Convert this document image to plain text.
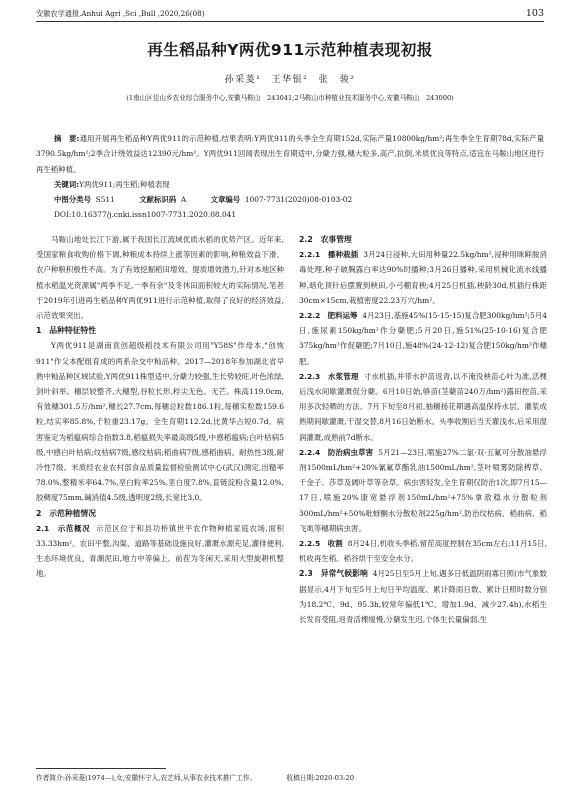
安徽农学通报,Anhui Agri ,Sci ,Bull ,2020,26(08)	103
再生稻品种Y两优911示范种植表现初报
孙采菱¹　王华银²　张　骏²
(1南山区佳山乡农业综合服务中心,安徽马鞍山　243041;2马鞍山市种植业技术服务中心,安徽马鞍山　243000)

摘　要:通用开展再生稻品种Y两优911的示范种植,结果表明:Y两优911的头季全生育期152d,实际产量10800kg/hm²;再生季全生育期78d,实际产量3790.5kg/hm²;2季合计绕效益达12390元/hm²。Y两优911回闻表现出生育期适中,分蘖力强,穗大粒多,高产,抗倒,米质优良等特点,适宜在马鞍山地区进行再生稻种植。

关键词:Y两优911;再生稻;种植表现

中图分类号 S511	文献标识码 A	文章编号 1007-7731(2020)08-0103-02

DOI:10.16377/j.cnki.issn1007-7731.2020.08.041

马鞍山地处长江下游,属于我国长江流域优质水稻的优势产区。近年来,受国家粮食收购价格下调,种粮成本持续上涨等因素的影响,种粮效益下滑、农户种粮积极性不高。为了有效挖掘稻田增效、提质增效潜力,针对本地区种植水稻温光资源属"两季不足,一季有余"及冬休田面积较大的实际情况,笔者于2019年引进再生稻品种Y两优911进行示范种植,取得了良好的经济效益,示范效果突出。

1　品种特征特性

Y两优911是湖南袁创超级稻技术有限公司用"Y58S"作母本,"创恢911"作父本配组育成的两系杂交中籼品种。2017—2018年参加湖北省早熟中籼品种区域试验,Y两优911株型适中,分蘖力较强,生长势较旺,叶色浓绿,剑叶斜举。穗层较整齐,大穗型,谷粒长形,稃尖无色、无芒。株高119.0cm,有效穗301.5万/hm²,穗长27.7cm,每穗总粒数186.1粒,每穗实粒数159.6粒,结实率85.8%,千粒重23.17g。全生育期112.2d,比黄华占短0.7d。病害鉴定为稻瘟病综合指数3.8,稻瘟损失率最高级5级,中感稻瘟病;白叶枯病5级,中感白叶枯病;纹枯病7级,感纹枯病;稻曲病7级,感稻曲病。耐热性3级,耐冷性7级。米质经农业农村部食品质量监督检验测试中心(武汉)测定,出糙率78.0%,整精米率64.7%,垩白粒率25%,垩白度7.8%,直链淀粉含量12.0%,胶稠度75mm,碱消值4.5级,透明度2级,长宽比3.0。

2　示范种植情况

2.1　示范概况 示范区位于和县功桥镇世平农作物种植家庭农场,面积33.33hm²。农田平整,沟渠、道路等基础设施良好,灌溉水源充足,灌排便利,生态环境优良。青潮泥田,地力中等偏上。前茬为冬闲天,采用大型旋耕机整地。

2.2　农事管理

2.2.1　播种栽插 3月24日浸种,大田用种量22.5kg/hm²,浸种用咪鲜胺消毒处理,种子破胸露白率达90%时播种;3月26日播种,采用机械化流水线播种,暗化顶针后摆置到秧田,小弓棚育秧;4月25日机插,秧龄30d,机插行株距30cm×15cm,栽植密度22.23万穴/hm²。

2.2.2　肥料运筹 4月23日,基施45%(15-15-15)复合肥300kg/hm²;5月4日,施尿素150kg/hm²作分蘖肥;5月20日,施51%(25-10-16)复合肥375kg/hm²作促蘖肥;7月10日,施48%(24-12-12)复合肥150kg/hm²作穗肥。

2.2.3　水浆管理 寸水机插,并带水护苗返青,以不淹没秧苗心叶为准,活棵后浅水间歇灌溉促分蘖。6月10日始,够苗(茎蘖苗240万/hm²)露田控苗,采用多次轻晒的方法。7月下旬至8月初,抽穗扬花期遇高温保持水层。灌浆成熟期间歇灌溉,干湿交替,8月16日始断水。头季收割后当天灌浅水,后采用湿润灌溉,成熟前7d断水。

2.2.4　防治病虫草害 5月21—23日,喷施27%二氯·双·五氟可分散油悬浮剂1500mL/hm²+20%氰氟草酯乳油1500mL/hm²,茎叶喷雾防除稗草、千金子、莎草及阔叶草等杂草。病虫害轻发,全生育期仅防治1次,即7月15—17日,喷施20%康宽悬浮剂150mL/hm²+75%拿敌稳水分散粒剂300mL/hm²+50%吡蚜酮水分散粒剂225g/hm²,防治纹枯病、稻曲病、稻飞虱等穗期病虫害。

2.2.5　收割 8月24日,机收头季稻,留茬高度控制在35cm左右;11月15日,机收再生稻。稻谷烘干至安全水分。

2.3　异常气候影响 4月25日至5月上旬,遇多日低温阴雨寡日照(市气象数据显示,4月下旬至5月上旬日平均温度、累计降雨日数、累计日照时数分别为18.2℃、9d、95.3h,较常年偏低1℃、增加1.9d、减少27.4h),水稻生长发育受阻,返青活棵缓慢,分蘖发生迟,个体生长量偏弱,生

作者简介:孙采菱(1974—),女,安徽怀宁人,农艺师,从事农业技术推广工作。	收稿日期:2020-03-20
